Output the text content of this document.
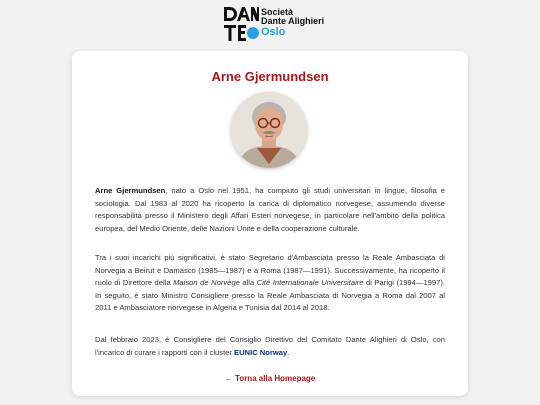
Società
Dante Alighieri
Oslo
Arne Gjermundsen

Arne Gjermundsen, nato a Oslo nel 1951, ha compiuto gli studi universitari in lingue, filosofia e sociologia. Dal 1983 al 2020 ha ricoperto la carica di diplomatico norvegese, assumendo diverse responsabilità presso il Ministero degli Affari Esteri norvegese, in particolare nell'ambito della politica europea, del Medio Oriente, delle Nazioni Unite e della cooperazione culturale.

Tra i suoi incarichi più significativi, è stato Segretario d'Ambasciata presso la Reale Ambasciata di Norvegia a Beirut e Damasco (1985—1987) e a Roma (1987—1991). Successivamente, ha ricoperto il ruolo di Direttore della Maison de Norvège alla Cité Internationale Universitaire di Parigi (1994—1997). In seguito, è stato Ministro Consigliere presso la Reale Ambasciata di Norvegia a Roma dal 2007 al 2011 e Ambasciatore norvegese in Algeria e Tunisia dal 2014 al 2018.

Dal febbraio 2023, è Consigliere del Consiglio Direttivo del Comitato Dante Alighieri di Oslo, con l'incarico di curare i rapporti con il cluster EUNIC Norway.

← Torna alla Homepage
